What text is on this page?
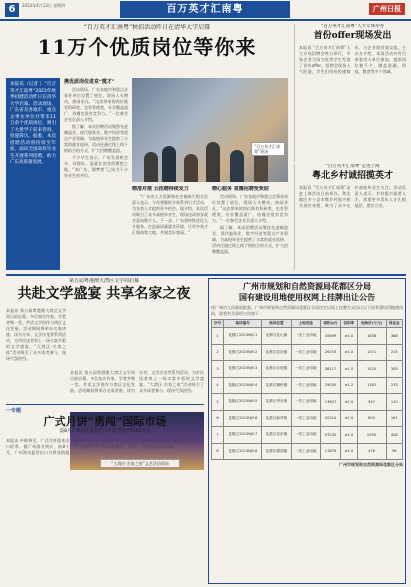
6	2023年4月13日 星期四	百万英才汇南粤	广州日报
“百万英才汇南粤”秋招活动昨日在清华大学启幕
11万个优质岗位等你来
本报讯（记者 ）“百万英才汇南粤”2023年秋季招聘活动昨日在清华大学启幕。活动现场，广东省及各地市、重点企事业单位共带来11万余个优质岗位，吸引了大批学子前来咨询、投递简历。据悉，本次招聘活动将持续至年底，面向全国高校毕业生开展系列招聘，助力广东高质量发展。
携优质岗位进京“揽才”

活动现场，广东各地市和重点企事业单位设置了展位，现场人头攒动，热闹非凡。“这次带来的岗位既有科研类，也有管理类，专业覆盖面广，待遇也很有竞争力。”一位参会企业负责人介绍。

据了解，本次招聘活动聚焦先进制造业、现代服务业、数字经济等重点产业领域，为高校毕业生提供了丰富的就业选择。活动还通过线上线下相结合的方式，扩大招聘覆盖面。

不少学生表示，广东发展机会多、环境好，是就业创业的理想之地。“来广东，圆梦想”已成为不少毕业生的共识。

“百万英才汇南粤”现场
精准对接 云招聘持续发力

“广东省人力资源和社会保障厅相关负责人表示，今年将继续开展系列引才活动，为各类人才提供更多机会。据介绍，本次活动吸引了众多高校毕业生，现场达成初步就业意向数千人。下一步，广东将持续优化人才服务，打造高质量就业环境，让更多英才汇聚南粤大地，共建美好家园。”

精心服务 直播招聘受欢迎

活动现场，广东各地市和重点企事业单位设置了展位，现场人头攒动，热闹非凡。“这次带来的岗位既有科研类，也有管理类，专业覆盖面广，待遇也很有竞争力。”一位参会企业负责人介绍。

据了解，本次招聘活动聚焦先进制造业、现代服务业、数字经济等重点产业领域，为高校毕业生提供了丰富的就业选择。活动还通过线上线下相结合的方式，扩大招聘覆盖面。

“百万英才汇南粤”人大专场举办
首份offer现场发出
本报讯 “百万英才汇南粤”人大专场招聘会昨日举行，多家企业当场为优秀学生发放了首份offer。招聘会现场人气旺盛，学生们纷纷投递简历，与企业面对面交流。主办方介绍，本场活动共有百余家用人单位参加，提供岗位数千个，涵盖金融、科技、教育等多个领域。
“百万英才汇南粤”走进上海
粤北乡村诚招揽英才
本报讯 “百万英才汇南粤”走进上海活动日前举办，粤北地区多个县市携乡村振兴相关岗位亮相，吸引了众多在沪高校毕业生关注。活动负责人表示，乡村振兴需要人才，希望更多青年人才扎根基层、建功立业。
第五届粤港澳大湾区文学周启幕
共赴文学盛宴 共享名家之夜
本报讯 第五届粤港澳大湾区文学周日前启幕，多位知名作家、学者齐聚一堂，共话文学创作与湾区文化发展。活动期间将举办名家讲座、读书分享、文学沙龙等系列活动，为市民读者奉上一场丰富多彩的文学盛宴。“大湾区·名家之夜”活动吸引了众多读者参与，现场气氛热烈。
“大湾区·名家之夜”文艺活动现场
本报讯 第五届粤港澳大湾区文学周日前启幕，多位知名作家、学者齐聚一堂，共话文学创作与湾区文化发展。活动期间将举办名家讲座、读书分享、文学沙龙等系列活动，为市民读者奉上一场丰富多彩的文学盛宴。“大湾区·名家之夜”活动吸引了众多读者参与，现场气氛热烈。
一专题
广式月饼“勇闯”国际市场
前8月广州海关监管出口月饼货值超4600万元
本报讯 中秋将至，广式月饼迎来出口旺季。据广州海关统计，前8个月，广州海关监管出口月饼货值超4600万元，产品远销东南亚、北美、欧洲等多个国家和地区。海关部门持续优化监管服务，助力广式月饼走向国际市场。
广州市规划和自然资源局花都区分局
国有建设用地使用权网上挂牌出让公告
经广州市人民政府批准，广州市规划和自然资源局花都区分局决定以网上挂牌方式出让以下国有建设用地使用权，现将有关事项公告如下：
序号	地块编号	地块位置	土地用途	面积(㎡)	容积率	起始价(万元)	保证金
1	花都区2023NJY-1	花都区花山镇	一类工业用地	45899	≥1.0	1836	368
2	花都区2023NJY-2	花都区炭步镇	一类工业用地	26755	≥1.0	1071	215
3	花都区2023NJY-3	花都区赤坭镇	一类工业用地	38117	≥1.0	1525	305
4	花都区2023NJY-4	花都区狮岭镇	一类工业用地	29035	≥1.2	1162	233
5	花都区2023NJY-5	花都区秀全街	一类工业用地	13657	≥1.0	547	110
6	花都区2023NJY-6	花都区新华街	一类工业用地	20114	≥1.0	805	161
7	花都区2023NJY-7	花都区花东镇	一类工业用地	57230	≥1.0	2290	458
8	花都区2023NJY-8	花都区梯面镇	一类工业用地	11876	≥1.0	476	96
广州市规划和自然资源局花都区分局
